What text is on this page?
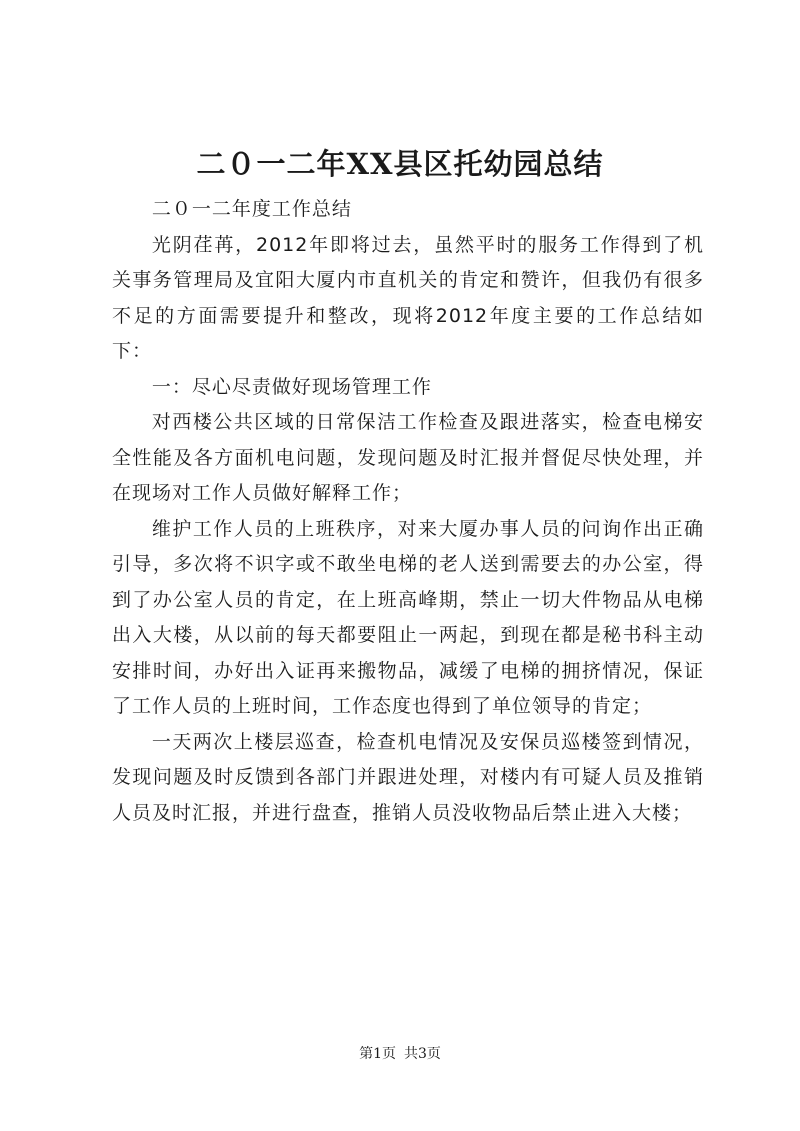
二０一二年XX县区托幼园总结

二０一二年度工作总结

光阴荏苒，2012年即将过去，虽然平时的服务工作得到了机关事务管理局及宜阳大厦内市直机关的肯定和赞许，但我仍有很多不足的方面需要提升和整改，现将2012年度主要的工作总结如下：

一：尽心尽责做好现场管理工作

对西楼公共区域的日常保洁工作检查及跟进落实，检查电梯安全性能及各方面机电问题，发现问题及时汇报并督促尽快处理，并在现场对工作人员做好解释工作；

维护工作人员的上班秩序，对来大厦办事人员的问询作出正确引导，多次将不识字或不敢坐电梯的老人送到需要去的办公室，得到了办公室人员的肯定，在上班高峰期，禁止一切大件物品从电梯出入大楼，从以前的每天都要阻止一两起，到现在都是秘书科主动安排时间，办好出入证再来搬物品，减缓了电梯的拥挤情况，保证了工作人员的上班时间，工作态度也得到了单位领导的肯定；

一天两次上楼层巡查，检查机电情况及安保员巡楼签到情况，发现问题及时反馈到各部门并跟进处理，对楼内有可疑人员及推销人员及时汇报，并进行盘查，推销人员没收物品后禁止进入大楼；

第1页 共3页
